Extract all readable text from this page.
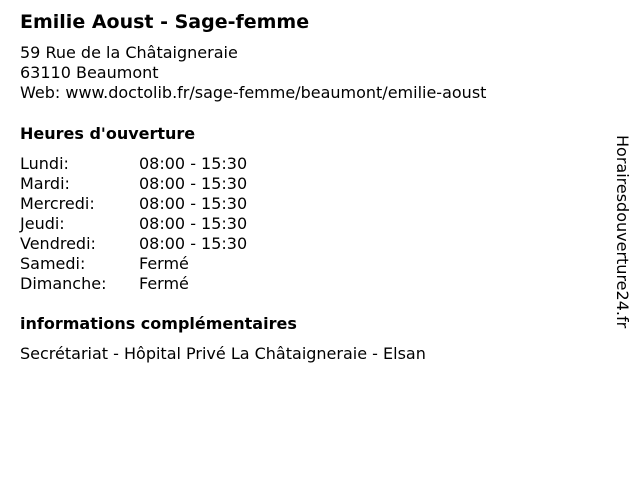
Emilie Aoust - Sage-femme
59 Rue de la Châtaigneraie
63110 Beaumont
Web: www.doctolib.fr/sage-femme/beaumont/emilie-aoust
Heures d'ouverture
Lundi:	08:00 - 15:30
Mardi:	08:00 - 15:30
Mercredi:	08:00 - 15:30
Jeudi:	08:00 - 15:30
Vendredi:	08:00 - 15:30
Samedi:	Fermé
Dimanche: Fermé
informations complémentaires
Secrétariat - Hôpital Privé La Châtaigneraie - Elsan
Horairesdouverture24.fr
